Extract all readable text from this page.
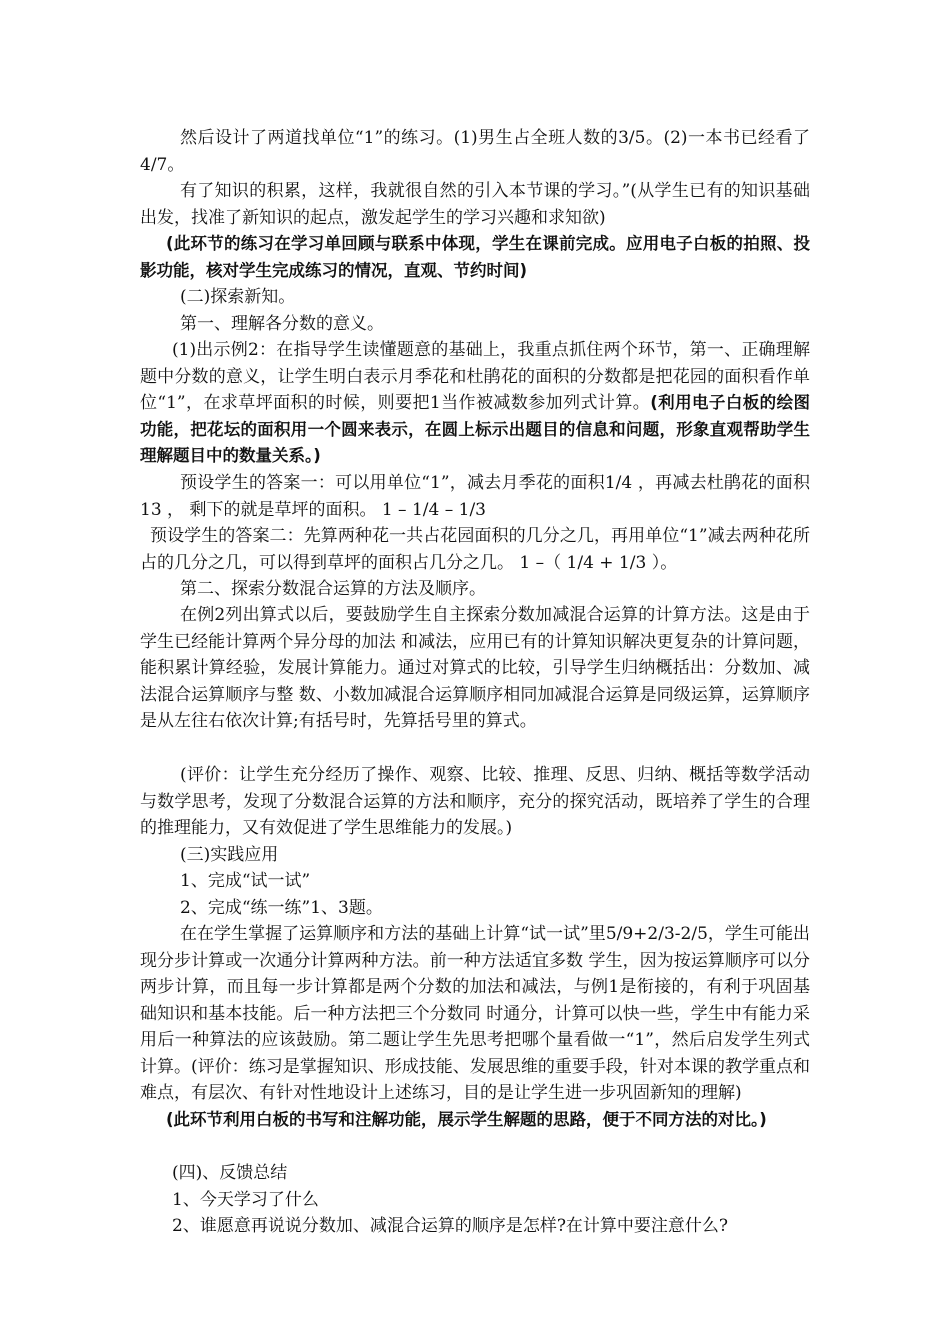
然后设计了两道找单位“1”的练习。(1)男生占全班人数的3/5。(2)一本书已经看了4/7。

有了知识的积累，这样，我就很自然的引入本节课的学习。”(从学生已有的知识基础出发，找准了新知识的起点，激发起学生的学习兴趣和求知欲)

(此环节的练习在学习单回顾与联系中体现，学生在课前完成。应用电子白板的拍照、投影功能，核对学生完成练习的情况，直观、节约时间)

(二)探索新知。

第一、理解各分数的意义。

(1)出示例2：在指导学生读懂题意的基础上，我重点抓住两个环节，第一、正确理解题中分数的意义，让学生明白表示月季花和杜鹃花的面积的分数都是把花园的面积看作单位“1”，在求草坪面积的时候，则要把1当作被减数参加列式计算。(利用电子白板的绘图功能，把花坛的面积用一个圆来表示，在圆上标示出题目的信息和问题，形象直观帮助学生理解题目中的数量关系。)

预设学生的答案一：可以用单位“1”，减去月季花的面积1/4 ，再减去杜鹃花的面积13 ， 剩下的就是草坪的面积。 1 – 1/4 – 1/3

预设学生的答案二：先算两种花一共占花园面积的几分之几，再用单位“1”减去两种花所占的几分之几，可以得到草坪的面积占几分之几。 1 –（ 1/4 + 1/3 ）。

第二、探索分数混合运算的方法及顺序。

在例2列出算式以后，要鼓励学生自主探索分数加减混合运算的计算方法。这是由于学生已经能计算两个异分母的加法 和减法，应用已有的计算知识解决更复杂的计算问题，能积累计算经验，发展计算能力。通过对算式的比较，引导学生归纳概括出：分数加、减法混合运算顺序与整 数、小数加减混合运算顺序相同加减混合运算是同级运算，运算顺序是从左往右依次计算;有括号时，先算括号里的算式。

(评价：让学生充分经历了操作、观察、比较、推理、反思、归纳、概括等数学活动与数学思考，发现了分数混合运算的方法和顺序，充分的探究活动，既培养了学生的合理的推理能力，又有效促进了学生思维能力的发展。)

(三)实践应用

1、完成“试一试”

2、完成“练一练”1、3题。

在在学生掌握了运算顺序和方法的基础上计算“试一试”里5/9+2/3-2/5，学生可能出现分步计算或一次通分计算两种方法。前一种方法适宜多数 学生，因为按运算顺序可以分两步计算，而且每一步计算都是两个分数的加法和减法，与例1是衔接的，有利于巩固基础知识和基本技能。后一种方法把三个分数同 时通分，计算可以快一些，学生中有能力采用后一种算法的应该鼓励。第二题让学生先思考把哪个量看做一“1”，然后启发学生列式计算。(评价：练习是掌握知识、形成技能、发展思维的重要手段，针对本课的教学重点和难点，有层次、有针对性地设计上述练习，目的是让学生进一步巩固新知的理解)

(此环节利用白板的书写和注解功能，展示学生解题的思路，便于不同方法的对比。)

(四)、反馈总结

1、今天学习了什么

2、谁愿意再说说分数加、减混合运算的顺序是怎样?在计算中要注意什么?
